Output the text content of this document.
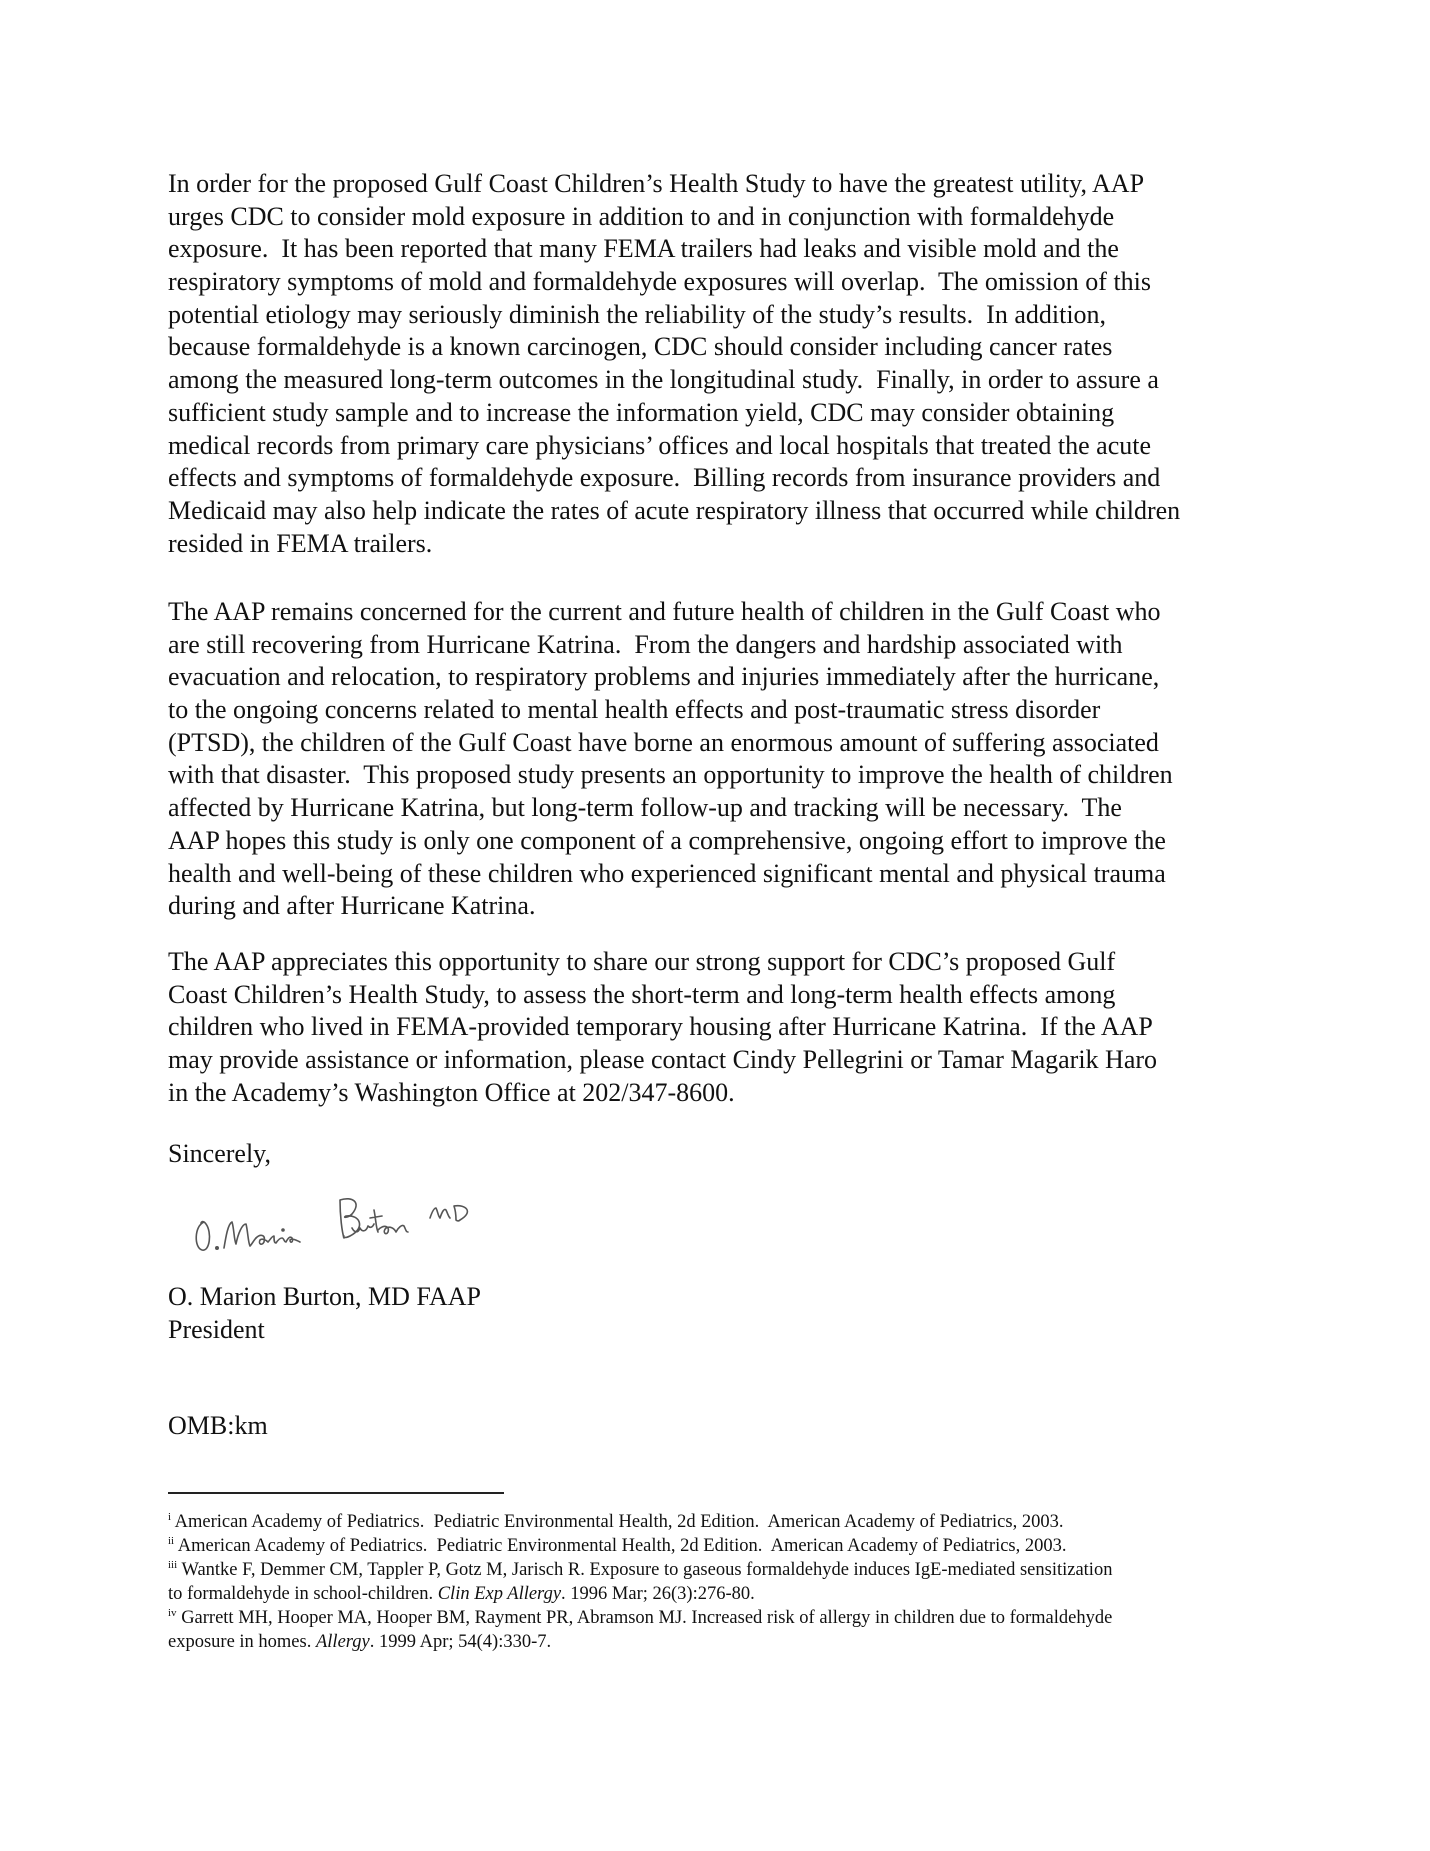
In order for the proposed Gulf Coast Children’s Health Study to have the greatest utility, AAP
urges CDC to consider mold exposure in addition to and in conjunction with formaldehyde
exposure.  It has been reported that many FEMA trailers had leaks and visible mold and the
respiratory symptoms of mold and formaldehyde exposures will overlap.  The omission of this
potential etiology may seriously diminish the reliability of the study’s results.  In addition,
because formaldehyde is a known carcinogen, CDC should consider including cancer rates
among the measured long-term outcomes in the longitudinal study.  Finally, in order to assure a
sufficient study sample and to increase the information yield, CDC may consider obtaining
medical records from primary care physicians’ offices and local hospitals that treated the acute
effects and symptoms of formaldehyde exposure.  Billing records from insurance providers and
Medicaid may also help indicate the rates of acute respiratory illness that occurred while children
resided in FEMA trailers.
The AAP remains concerned for the current and future health of children in the Gulf Coast who
are still recovering from Hurricane Katrina.  From the dangers and hardship associated with
evacuation and relocation, to respiratory problems and injuries immediately after the hurricane,
to the ongoing concerns related to mental health effects and post-traumatic stress disorder
(PTSD), the children of the Gulf Coast have borne an enormous amount of suffering associated
with that disaster.  This proposed study presents an opportunity to improve the health of children
affected by Hurricane Katrina, but long-term follow-up and tracking will be necessary.  The
AAP hopes this study is only one component of a comprehensive, ongoing effort to improve the
health and well-being of these children who experienced significant mental and physical trauma
during and after Hurricane Katrina.
The AAP appreciates this opportunity to share our strong support for CDC’s proposed Gulf
Coast Children’s Health Study, to assess the short-term and long-term health effects among
children who lived in FEMA-provided temporary housing after Hurricane Katrina.  If the AAP
may provide assistance or information, please contact Cindy Pellegrini or Tamar Magarik Haro
in the Academy’s Washington Office at 202/347-8600.
Sincerely,
O. Marion Burton, MD FAAP
President
OMB:km
$^i$ American Academy of Pediatrics.  Pediatric Environmental Health, 2d Edition.  American Academy of Pediatrics, 2003.
$^{ii}$ American Academy of Pediatrics.  Pediatric Environmental Health, 2d Edition.  American Academy of Pediatrics, 2003.
$^{iii}$ Wantke F, Demmer CM, Tappler P, Gotz M, Jarisch R. Exposure to gaseous formaldehyde induces IgE-mediated sensitization
to formaldehyde in school-children. Clin Exp Allergy. 1996 Mar; 26(3):276-80.
$^{iv}$ Garrett MH, Hooper MA, Hooper BM, Rayment PR, Abramson MJ. Increased risk of allergy in children due to formaldehyde
exposure in homes. Allergy. 1999 Apr; 54(4):330-7.
